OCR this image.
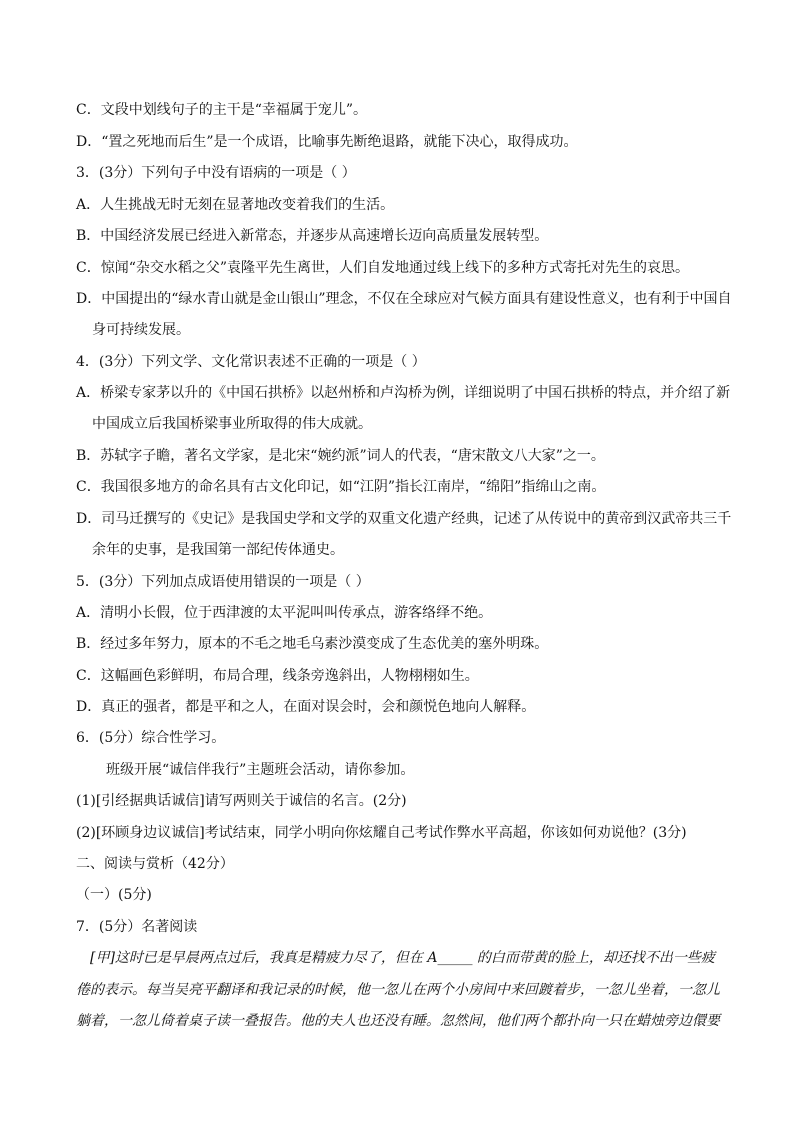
C．文段中划线句子的主干是“幸福属于宠儿”。
D．“置之死地而后生”是一个成语，比喻事先断绝退路，就能下决心，取得成功。
3．(3分）下列句子中没有语病的一项是（ ）
A．人生挑战无时无刻在显著地改变着我们的生活。
B．中国经济发展已经进入新常态，并逐步从高速增长迈向高质量发展转型。
C．惊闻“杂交水稻之父”袁隆平先生离世，人们自发地通过线上线下的多种方式寄托对先生的哀思。
D．中国提出的“绿水青山就是金山银山”理念，不仅在全球应对气候方面具有建设性意义，也有利于中国自
身可持续发展。
4．(3分）下列文学、文化常识表述不正确的一项是（ ）
A．桥梁专家茅以升的《中国石拱桥》以赵州桥和卢沟桥为例，详细说明了中国石拱桥的特点，并介绍了新
中国成立后我国桥梁事业所取得的伟大成就。
B．苏轼字子瞻，著名文学家，是北宋“婉约派”词人的代表，“唐宋散文八大家”之一。
C．我国很多地方的命名具有古文化印记，如“江阴”指长江南岸，“绵阳”指绵山之南。
D．司马迁撰写的《史记》是我国史学和文学的双重文化遗产经典，记述了从传说中的黄帝到汉武帝共三千
余年的史事，是我国第一部纪传体通史。
5．(3分）下列加点成语使用错误的一项是（ ）
A．清明小长假，位于西津渡的太平泥叫叫传承点，游客络绎不绝。
B．经过多年努力，原本的不毛之地毛乌素沙漠变成了生态优美的塞外明珠。
C．这幅画色彩鲜明，布局合理，线条旁逸斜出，人物栩栩如生。
D．真正的强者，都是平和之人，在面对误会时，会和颜悦色地向人解释。
6．(5分）综合性学习。
班级开展“诚信伴我行”主题班会活动，请你参加。
(1)[引经据典话诚信]请写两则关于诚信的名言。(2分)
(2)[环顾身边议诚信]考试结束，同学小明向你炫耀自己考试作弊水平高超，你该如何劝说他？(3分)
二、阅读与赏析（42分）
（一）(5分)
7．(5分）名著阅读
[甲]这时已是早晨两点过后，我真是精疲力尽了，但在 A_____ 的白而带黄的脸上，却还找不出一些疲
倦的表示。每当吴亮平翻译和我记录的时候，他一忽儿在两个小房间中来回踱着步，一忽儿坐着，一忽儿
躺着，一忽儿倚着桌子读一叠报告。他的夫人也还没有睡。忽然间，他们两个都扑向一只在蜡烛旁边儇要
